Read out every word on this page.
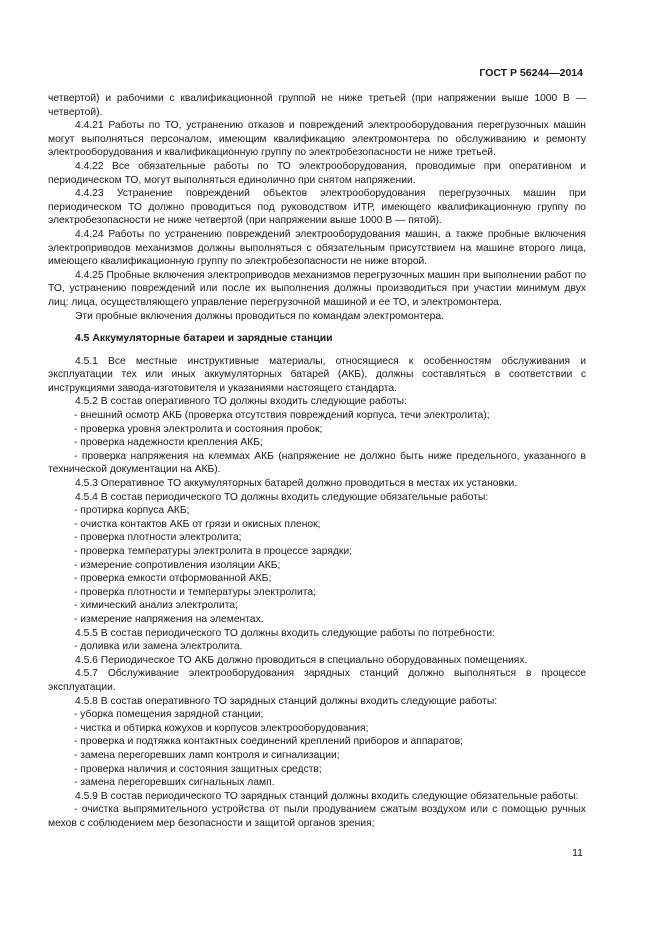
ГОСТ Р 56244—2014

четвертой) и рабочими с квалификационной группой не ниже третьей (при напряжении выше 1000 В — четвертой).

4.4.21 Работы по ТО, устранению отказов и повреждений электрооборудования перегрузочных машин могут выполняться персоналом, имеющим квалификацию электромонтера по обслуживанию и ремонту электрооборудования и квалификационную группу по электробезопасности не ниже третьей.

4.4.22 Все обязательные работы по ТО электрооборудования, проводимые при оперативном и периодическом ТО, могут выполняться единолично при снятом напряжении.

4.4.23 Устранение повреждений объектов электрооборудования перегрузочных машин при периодическом ТО должно проводиться под руководством ИТР, имеющего квалификационную группу по электробезопасности не ниже четвертой (при напряжении выше 1000 В — пятой).

4.4.24 Работы по устранению повреждений электрооборудования машин, а также пробные включения электроприводов механизмов должны выполняться с обязательным присутствием на машине второго лица, имеющего квалификационную группу по электробезопасности не ниже второй.

4.4.25 Пробные включения электроприводов механизмов перегрузочных машин при выполнении работ по ТО, устранению повреждений или после их выполнения должны производиться при участии минимум двух лиц: лица, осуществляющего управление перегрузочной машиной и ее ТО, и электромонтера.

Эти пробные включения должны проводиться по командам электромонтера.

4.5 Аккумуляторные батареи и зарядные станции

4.5.1 Все местные инструктивные материалы, относящиеся к особенностям обслуживания и эксплуатации тех или иных аккумуляторных батарей (АКБ), должны составляться в соответствии с инструкциями завода-изготовителя и указаниями настоящего стандарта.

4.5.2 В состав оперативного ТО должны входить следующие работы:

- внешний осмотр АКБ (проверка отсутствия повреждений корпуса, течи электролита);

- проверка уровня электролита и состояния пробок;

- проверка надежности крепления АКБ;

- проверка напряжения на клеммах АКБ (напряжение не должно быть ниже предельного, указанного в технической документации на АКБ).

4.5.3 Оперативное ТО аккумуляторных батарей должно проводиться в местах их установки.

4.5.4 В состав периодического ТО должны входить следующие обязательные работы:

- протирка корпуса АКБ;

- очистка контактов АКБ от грязи и окисных пленок;

- проверка плотности электролита;

- проверка температуры электролита в процессе зарядки;

- измерение сопротивления изоляции АКБ;

- проверка емкости отформованной АКБ;

- проверка плотности и температуры электролита;

- химический анализ электролита;

- измерение напряжения на элементах.

4.5.5 В состав периодического ТО должны входить следующие работы по потребности:

- доливка или замена электролита.

4.5.6 Периодическое ТО АКБ должно проводиться в специально оборудованных помещениях.

4.5.7 Обслуживание электрооборудования зарядных станций должно выполняться в процессе эксплуатации.

4.5.8 В состав оперативного ТО зарядных станций должны входить следующие работы:

- уборка помещения зарядной станции;

- чистка и обтирка кожухов и корпусов электрооборудования;

- проверка и подтяжка контактных соединений креплений приборов и аппаратов;

- замена перегоревших ламп контроля и сигнализации;

- проверка наличия и состояния защитных средств;

- замена перегоревших сигнальных ламп.

4.5.9 В состав периодического ТО зарядных станций должны входить следующие обязательные работы:

- очистка выпрямительного устройства от пыли продуванием сжатым воздухом или с помощью ручных мехов с соблюдением мер безопасности и защитой органов зрения;

11
